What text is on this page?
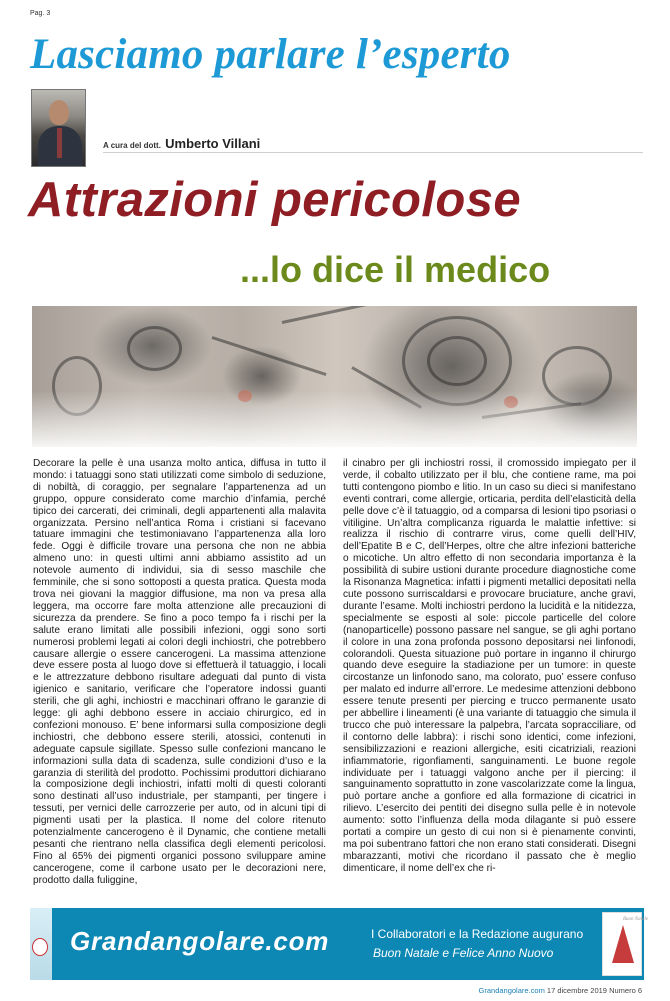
Pag. 3
Lasciamo parlare l’esperto
A cura del dott. Umberto Villani
Attrazioni pericolose
...lo dice il medico
Decorare la pelle è una usanza molto antica, diffusa in tutto il mondo: i tatuaggi sono stati utilizzati come simbolo di seduzione, di nobiltà, di coraggio, per segnalare l’appartenenza ad un gruppo, oppure considerato come marchio d’infamia, perché tipico dei carcerati, dei criminali, degli appartenenti alla malavita organizzata. Persino nell’antica Roma i cristiani si facevano tatuare immagini che testimoniavano l’appartenenza alla loro fede. Oggi è difficile trovare una persona che non ne abbia almeno uno: in questi ultimi anni abbiamo assistito ad un notevole aumento di individui, sia di sesso maschile che femminile, che si sono sottoposti a questa pratica. Questa moda trova nei giovani la maggior diffusione, ma non va presa alla leggera, ma occorre fare molta attenzione alle precauzioni di sicurezza da prendere. Se fino a poco tempo fa i rischi per la salute erano limitati alle possibili infezioni, oggi sono sorti numerosi problemi legati ai colori degli inchiostri, che potrebbero causare allergie o essere cancerogeni. La massima attenzione deve essere posta al luogo dove si effettuerà il tatuaggio, i locali e le attrezzature debbono risultare adeguati dal punto di vista igienico e sanitario, verificare che l’operatore indossi guanti sterili, che gli aghi, inchiostri e macchinari offrano le garanzie di legge: gli aghi debbono essere in acciaio chirurgico, ed in confezioni monouso. E’ bene informarsi sulla composizione degli inchiostri, che debbono essere sterili, atossici, contenuti in adeguate capsule sigillate. Spesso sulle confezioni mancano le informazioni sulla data di scadenza, sulle condizioni d’uso e la garanzia di sterilità del prodotto. Pochissimi produttori dichiarano la composizione degli inchiostri, infatti molti di questi coloranti sono destinati all’uso industriale, per stampanti, per tingere i tessuti, per vernici delle carrozzerie per auto, od in alcuni tipi di pigmenti usati per la plastica. Il nome del colore ritenuto potenzialmente cancerogeno è il Dynamic, che contiene metalli pesanti che rientrano nella classifica degli elementi pericolosi. Fino al 65% dei pigmenti organici possono sviluppare amine cancerogene, come il carbone usato per le decorazioni nere, prodotto dalla fuliggine,
il cinabro per gli inchiostri rossi, il cromossido impiegato per il verde, il cobalto utilizzato per il blu, che contiene rame, ma poi tutti contengono piombo e litio. In un caso su dieci si manifestano eventi contrari, come allergie, orticaria, perdita dell’elasticità della pelle dove c’è il tatuaggio, od a comparsa di lesioni tipo psoriasi o vitiligine. Un’altra complicanza riguarda le malattie infettive: si realizza il rischio di contrarre virus, come quelli dell’HIV, dell’Epatite B e C, dell’Herpes, oltre che altre infezioni batteriche o micotiche. Un altro effetto di non secondaria importanza è la possibilità di subire ustioni durante procedure diagnostiche come la Risonanza Magnetica: infatti i pigmenti metallici depositati nella cute possono surriscaldarsi e provocare bruciature, anche gravi, durante l’esame. Molti inchiostri perdono la lucidità e la nitidezza, specialmente se esposti al sole: piccole particelle del colore (nanoparticelle) possono passare nel sangue, se gli aghi portano il colore in una zona profonda possono depositarsi nei linfonodi, colorandoli. Questa situazione può portare in inganno il chirurgo quando deve eseguire la stadiazione per un tumore: in queste circostanze un linfonodo sano, ma colorato, puo’ essere confuso per malato ed indurre all’errore. Le medesime attenzioni debbono essere tenute presenti per piercing e trucco permanente usato per abbellire i lineamenti (è una variante di tatuaggio che simula il trucco che può interessare la palpebra, l’arcata sopracciliare, od il contorno delle labbra): i rischi sono identici, come infezioni, sensibilizzazioni e reazioni allergiche, esiti cicatriziali, reazioni infiammatorie, rigonfiamenti, sanguinamenti. Le buone regole individuate per i tatuaggi valgono anche per il piercing: il sanguinamento soprattutto in zone vascolarizzate come la lingua, può portare anche a gonfiore ed alla formazione di cicatrici in rilievo. L’esercito dei pentiti dei disegno sulla pelle è in notevole aumento: sotto l’influenza della moda dilagante si può essere portati a compire un gesto di cui non si è pienamente convinti, ma poi subentrano fattori che non erano stati considerati. Disegni mbarazzanti, motivi che ricordano il passato che è meglio dimenticare, il nome dell’ex che ri-
Grandangolare.com	I Collaboratori e la Redazione augurano
Buon Natale e Felice Anno Nuovo
Buon Natale
Grandangolare.com 17 dicembre 2019 Numero 6
